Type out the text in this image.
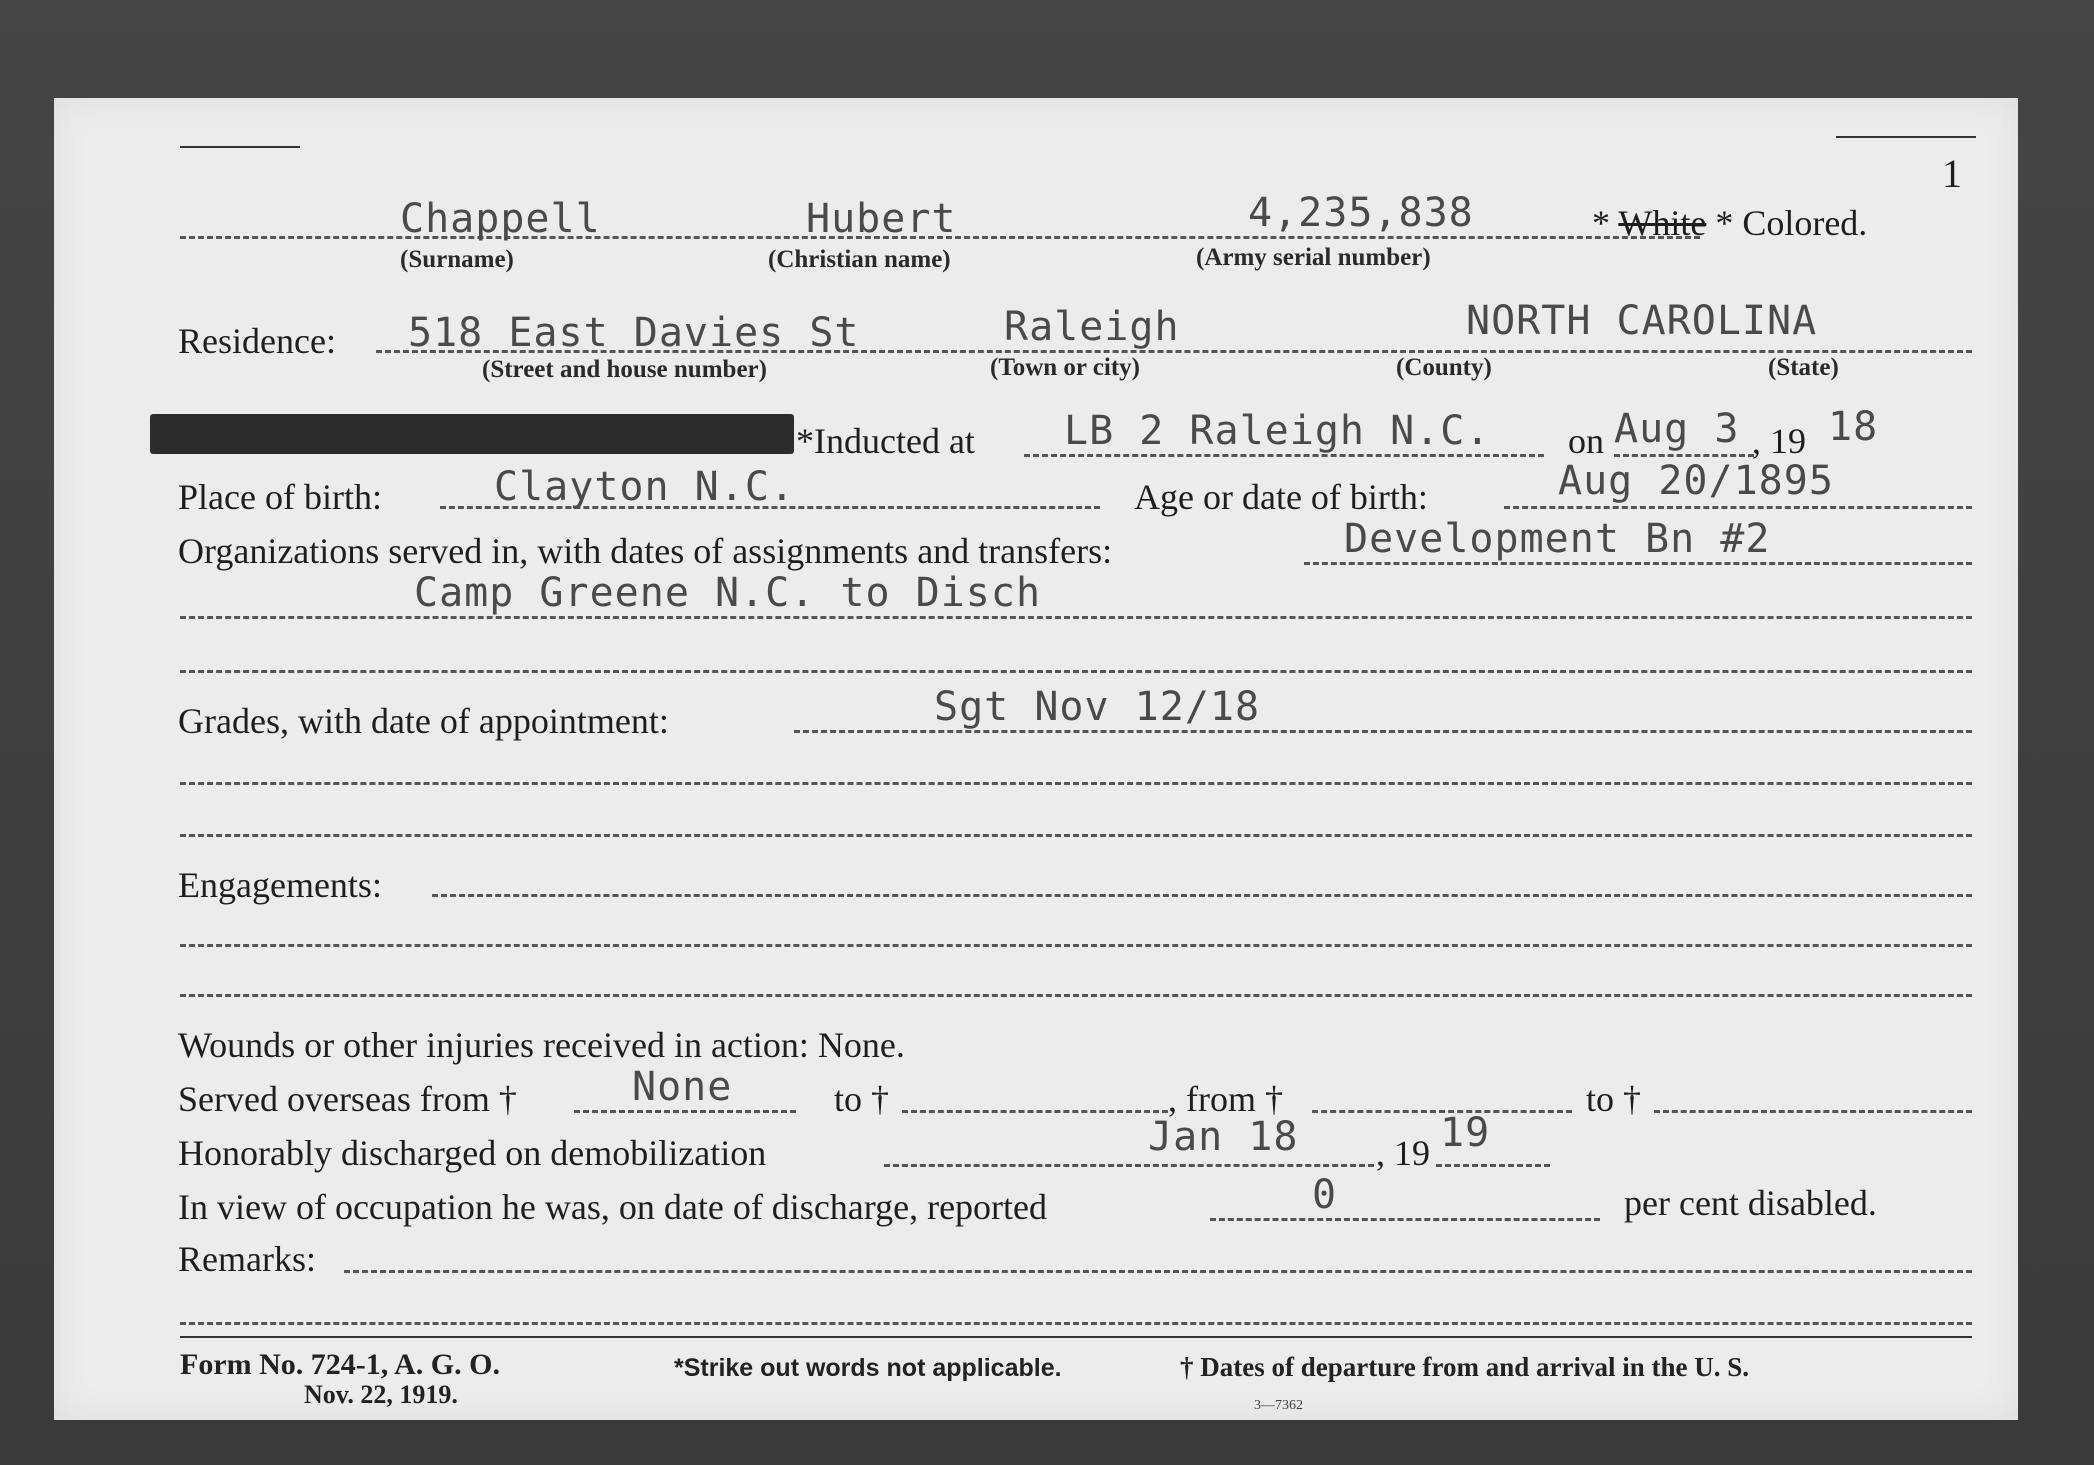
1
Chappell
(Surname)
Hubert
(Christian name)
4,235,838
(Army serial number)
* White * Colored.
Residence: 518 East Davies St
(Street and house number)
Raleigh
(Town or city)	(County)
NORTH CAROLINA
(State)
*Inducted at LB 2 Raleigh N.C. on Aug 3 , 19 18
Place of birth:	Clayton N.C.	Age or date of birth:	Aug 20/1895
Organizations served in, with dates of assignments and transfers:	Development Bn #2
Camp Greene N.C. to Disch
Grades, with date of appointment:	Sgt Nov 12/18
Engagements:
Wounds or other injuries received in action: None.
Served overseas from †	None	to †	, from †	to †
Honorably discharged on demobilization	Jan 18 , 19 19
In view of occupation he was, on date of discharge, reported	0	per cent disabled.
Remarks:
Form No. 724-1, A. G. O.
Nov. 22, 1919.
*Strike out words not applicable.	† Dates of departure from and arrival in the U. S.
3—7362
